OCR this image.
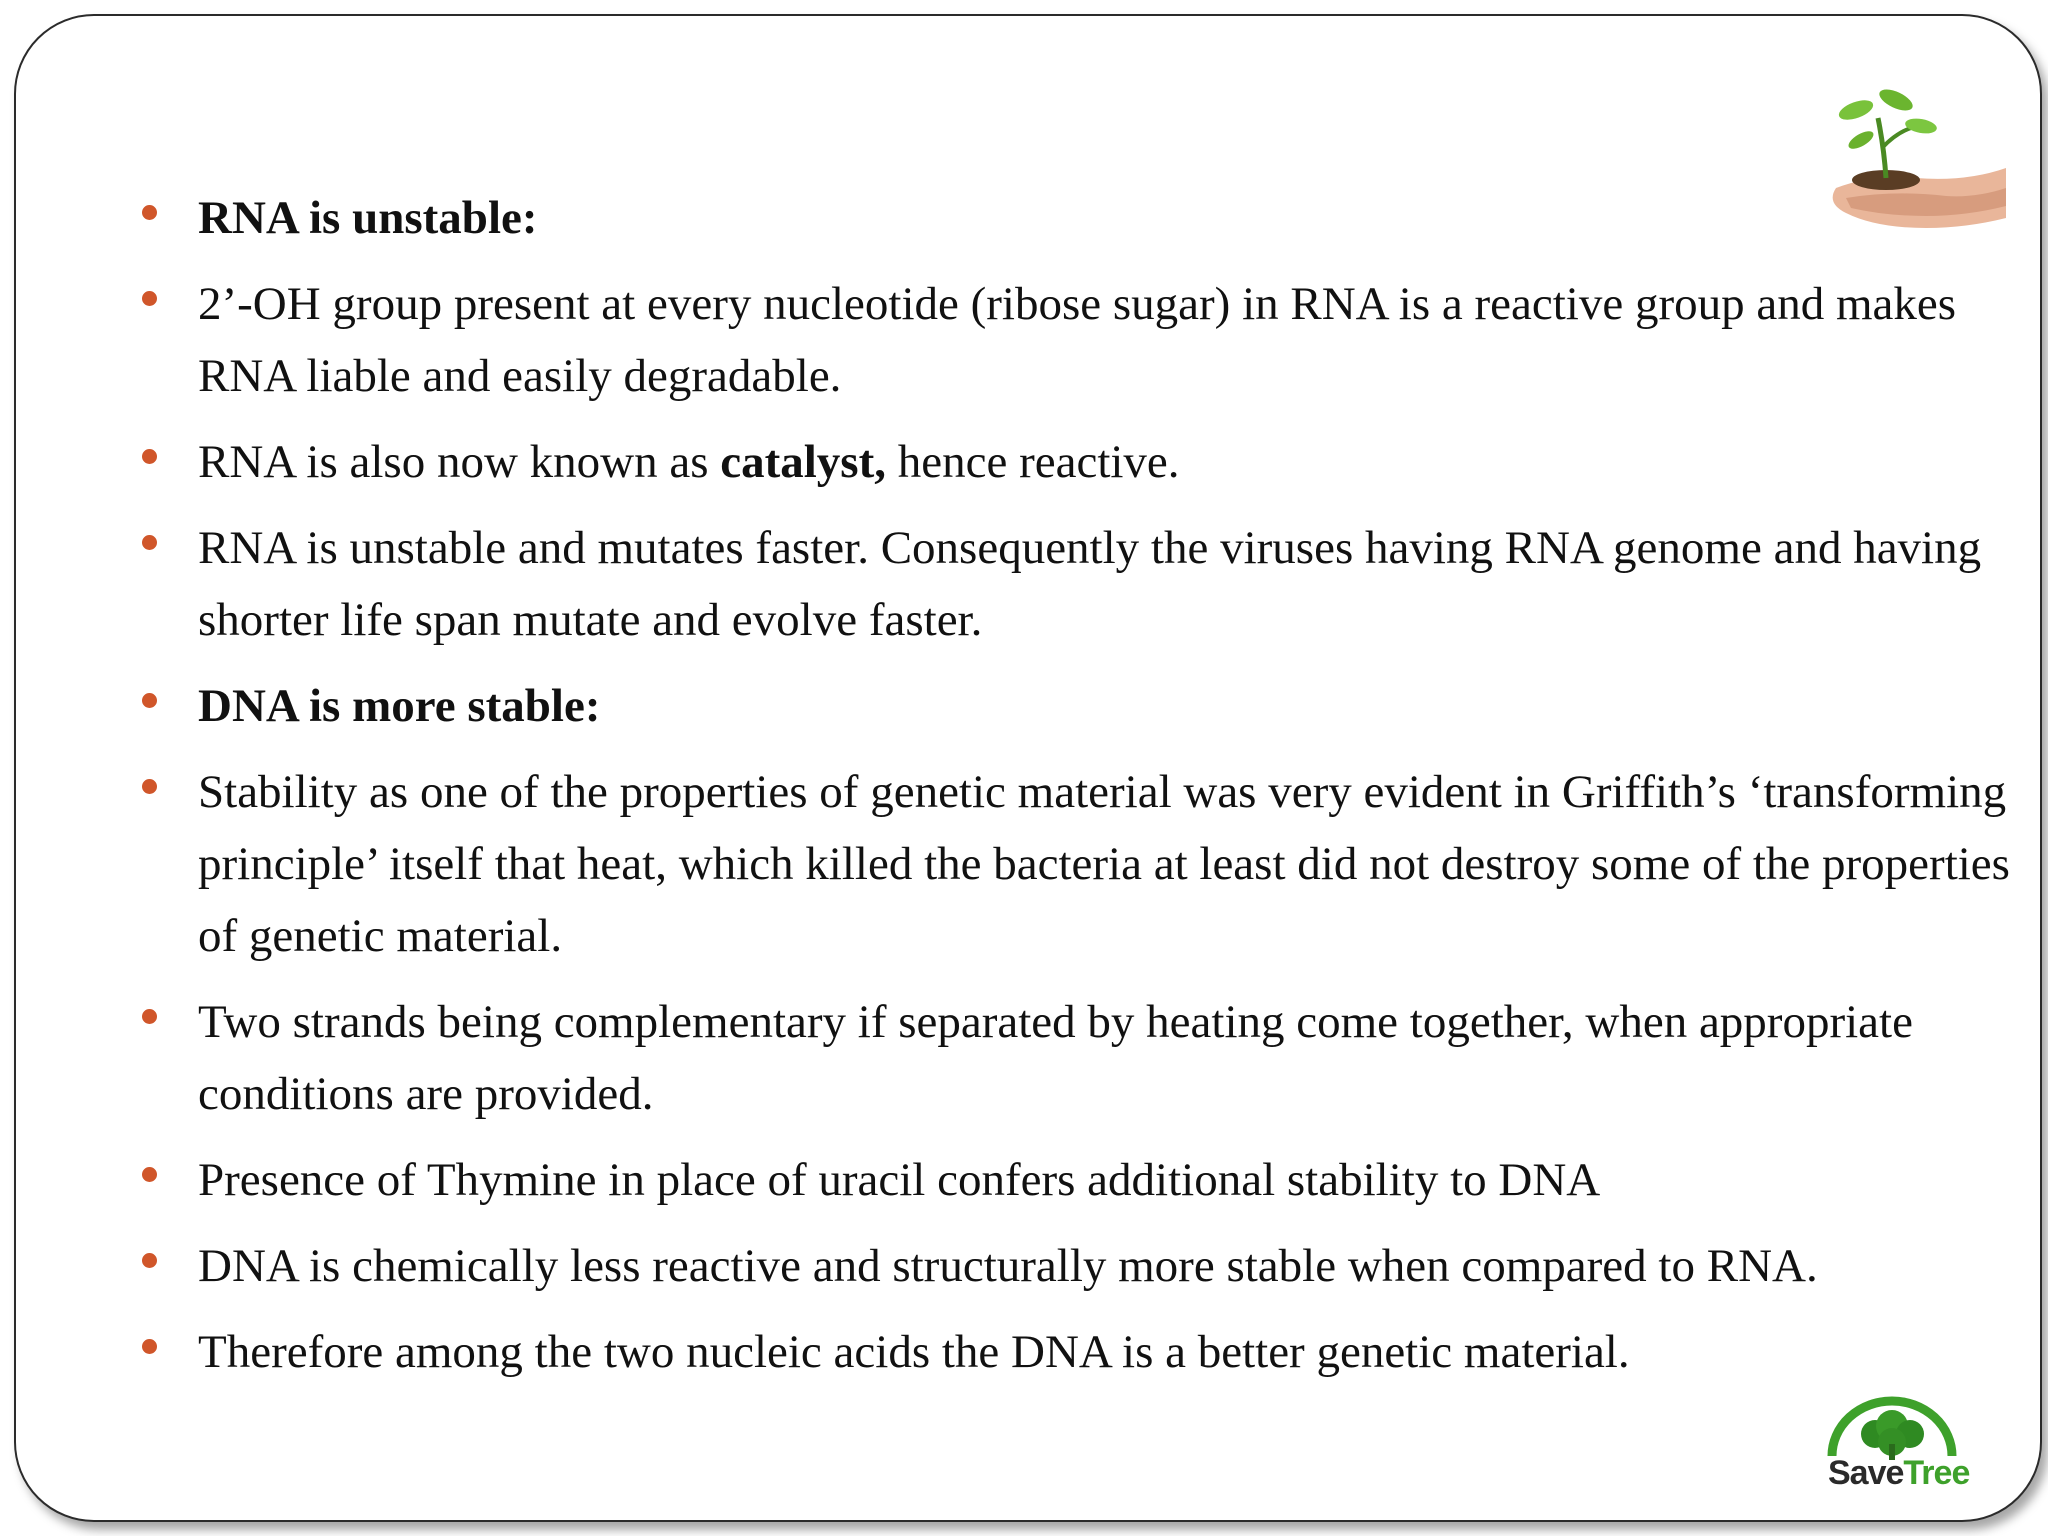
RNA is unstable:
2’-OH group present at every nucleotide (ribose sugar) in RNA is a reactive group and makes RNA liable and easily degradable.
RNA is also now known as catalyst, hence reactive.
RNA is unstable and mutates faster. Consequently the viruses having RNA genome and having shorter life span mutate and evolve faster.
DNA is more stable:
Stability as one of the properties of genetic material was very evident in Griffith’s ‘transforming principle’ itself that heat, which killed the bacteria at least did not destroy some of the properties of genetic material.
Two strands being complementary if separated by heating come together, when appropriate conditions are provided.
Presence of Thymine in place of uracil confers additional stability to DNA
DNA is chemically less reactive and structurally more stable when compared to RNA.
Therefore among the two nucleic acids the DNA is a better genetic material.
SaveTree
